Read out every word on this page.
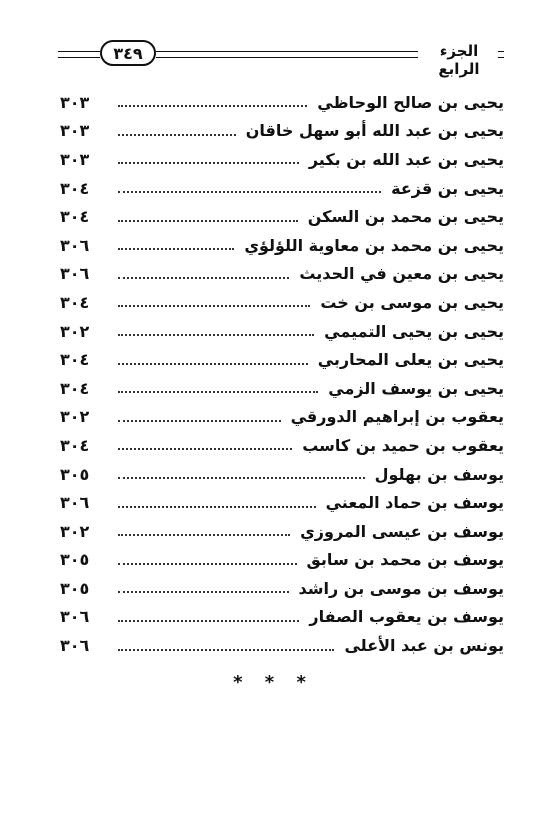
٣٤٩	الجزء الرابع
يحيى بن صالح الوحاظي
٣٠٣
يحيى بن عبد الله أبو سهل خاقان
٣٠٣
يحيى بن عبد الله بن بكير
٣٠٣
يحيى بن قزعة
٣٠٤
يحيى بن محمد بن السكن
٣٠٤
يحيى بن محمد بن معاوية اللؤلؤي
٣٠٦
يحيى بن معين في الحديث
٣٠٦
يحيى بن موسى بن خت
٣٠٤
يحيى بن يحيى التميمي
٣٠٢
يحيى بن يعلى المحاربي
٣٠٤
يحيى بن يوسف الزمي
٣٠٤
يعقوب بن إبراهيم الدورقي
٣٠٢
يعقوب بن حميد بن كاسب
٣٠٤
يوسف بن بهلول
٣٠٥
يوسف بن حماد المعني
٣٠٦
يوسف بن عيسى المروزي
٣٠٢
يوسف بن محمد بن سابق
٣٠٥
يوسف بن موسى بن راشد
٣٠٥
يوسف بن يعقوب الصفار
٣٠٦
يونس بن عبد الأعلى
٣٠٦
* * *
